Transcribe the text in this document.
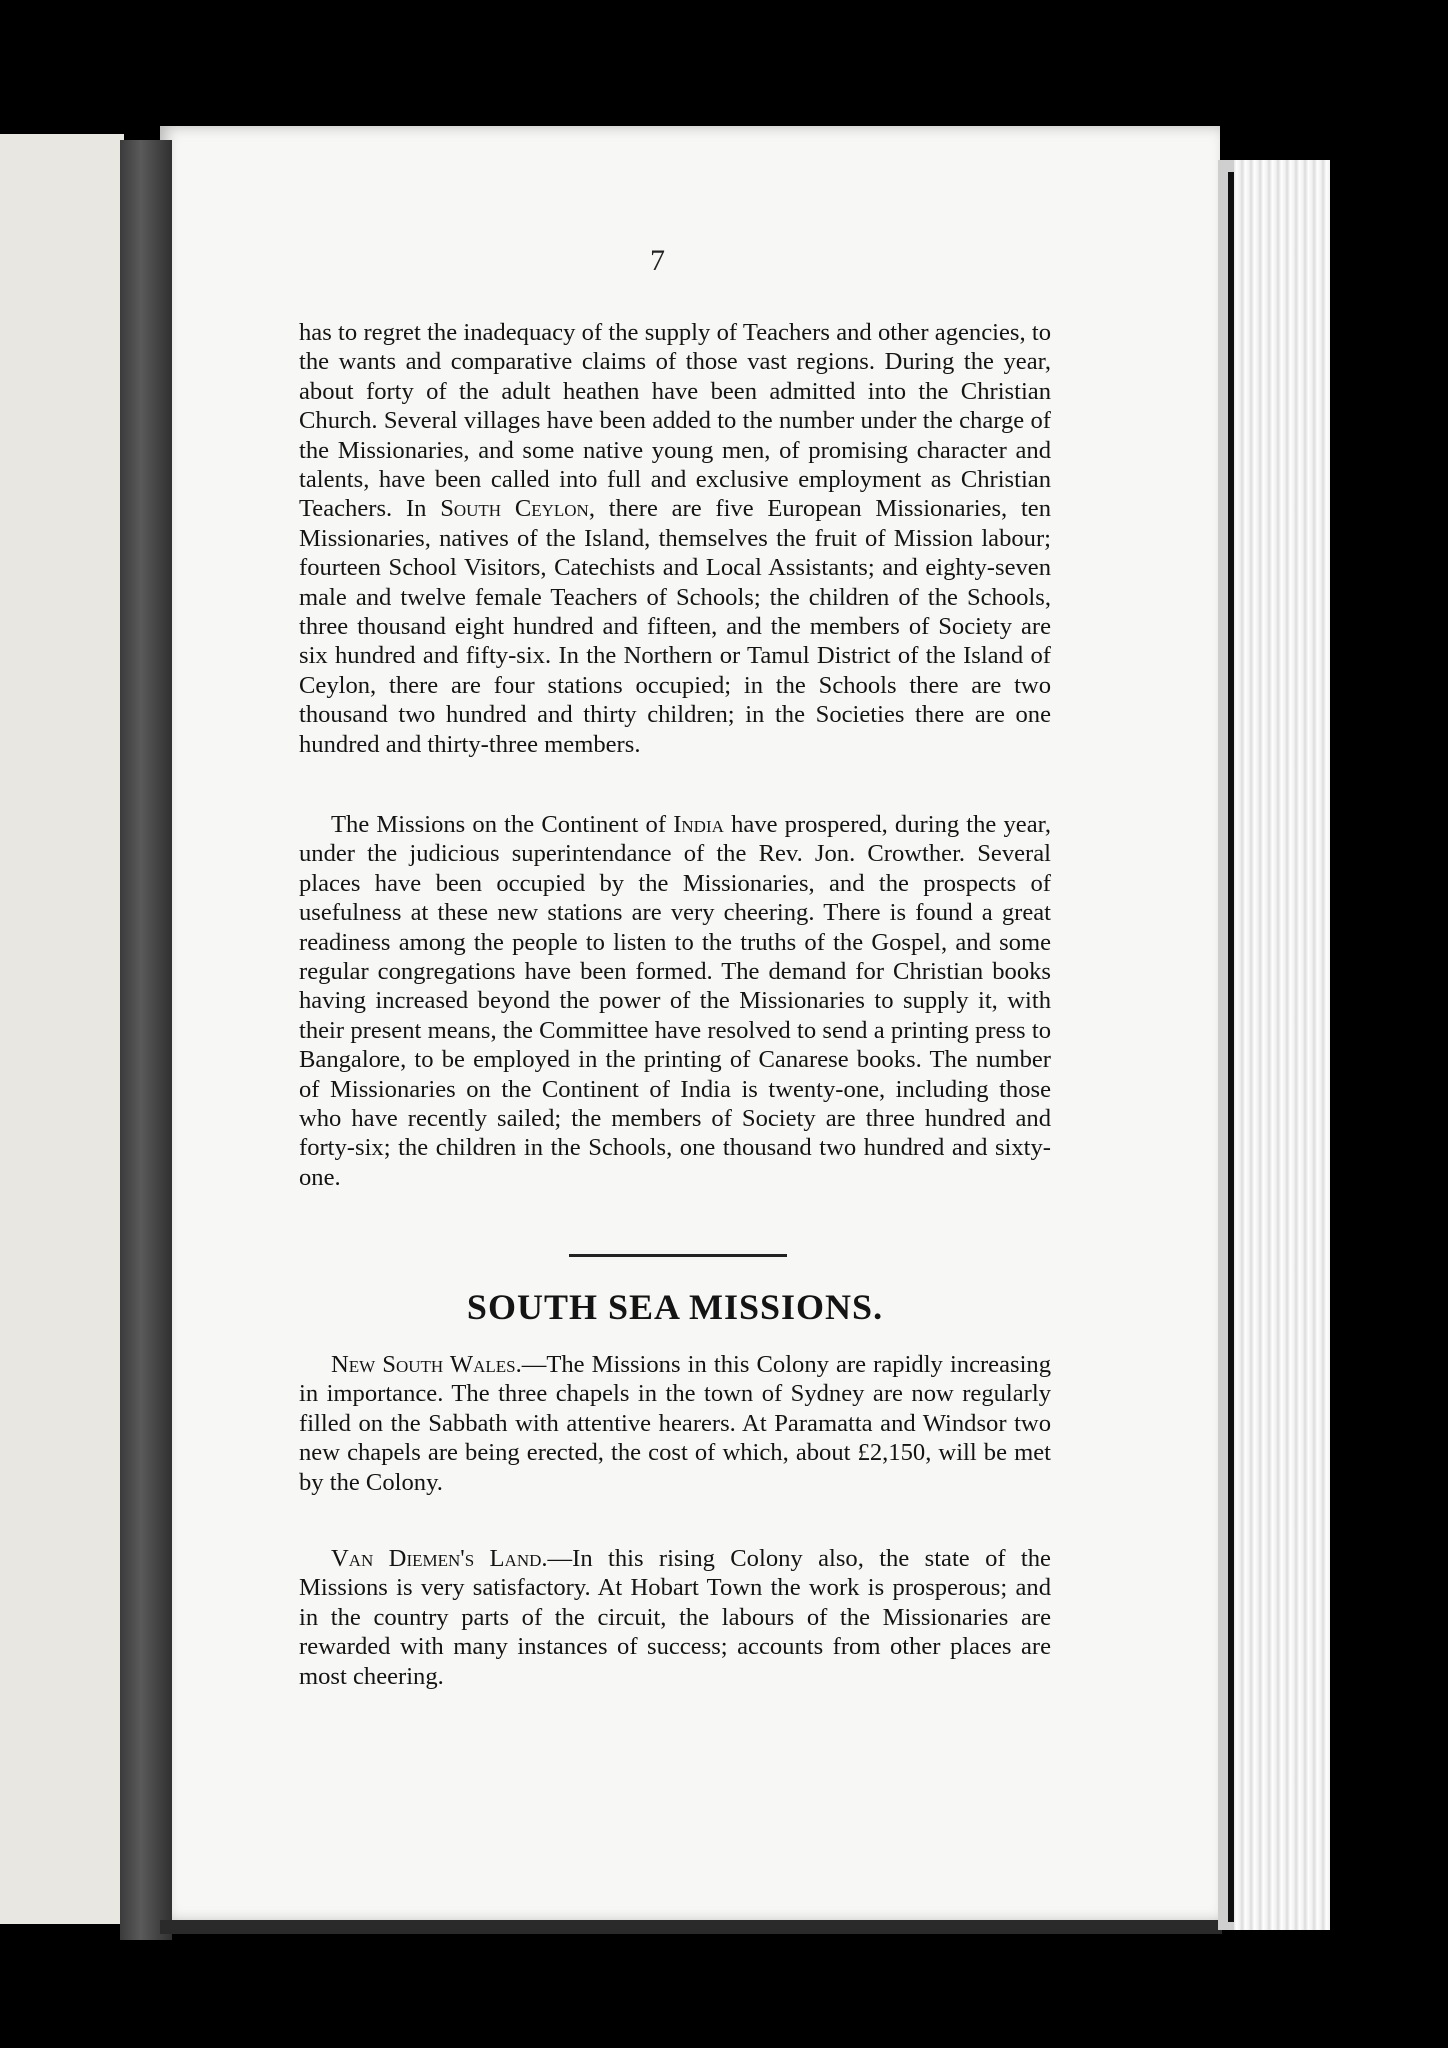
7

has to regret the inadequacy of the supply of Teachers and other agencies, to the wants and comparative claims of those vast regions. During the year, about forty of the adult heathen have been admitted into the Christian Church. Several villages have been added to the number under the charge of the Missionaries, and some native young men, of promising character and talents, have been called into full and exclusive employment as Christian Teachers. In South Ceylon, there are five European Missionaries, ten Missionaries, natives of the Island, themselves the fruit of Mission labour; fourteen School Visitors, Catechists and Local Assistants; and eighty-seven male and twelve female Teachers of Schools; the children of the Schools, three thousand eight hundred and fifteen, and the members of Society are six hundred and fifty-six. In the Northern or Tamul District of the Island of Ceylon, there are four stations occupied; in the Schools there are two thousand two hundred and thirty children; in the Societies there are one hundred and thirty-three members.

The Missions on the Continent of India have prospered, during the year, under the judicious superintendance of the Rev. Jon. Crowther. Several places have been occupied by the Missionaries, and the prospects of usefulness at these new stations are very cheering. There is found a great readiness among the people to listen to the truths of the Gospel, and some regular congregations have been formed. The demand for Christian books having increased beyond the power of the Missionaries to supply it, with their present means, the Committee have resolved to send a printing press to Bangalore, to be employed in the printing of Canarese books. The number of Missionaries on the Continent of India is twenty-one, including those who have recently sailed; the members of Society are three hundred and forty-six; the children in the Schools, one thousand two hundred and sixty-one.

SOUTH SEA MISSIONS.

New South Wales.—The Missions in this Colony are rapidly increasing in importance. The three chapels in the town of Sydney are now regularly filled on the Sabbath with attentive hearers. At Paramatta and Windsor two new chapels are being erected, the cost of which, about £2,150, will be met by the Colony.

Van Diemen's Land.—In this rising Colony also, the state of the Missions is very satisfactory. At Hobart Town the work is prosperous; and in the country parts of the circuit, the labours of the Missionaries are rewarded with many instances of success; accounts from other places are most cheering.
